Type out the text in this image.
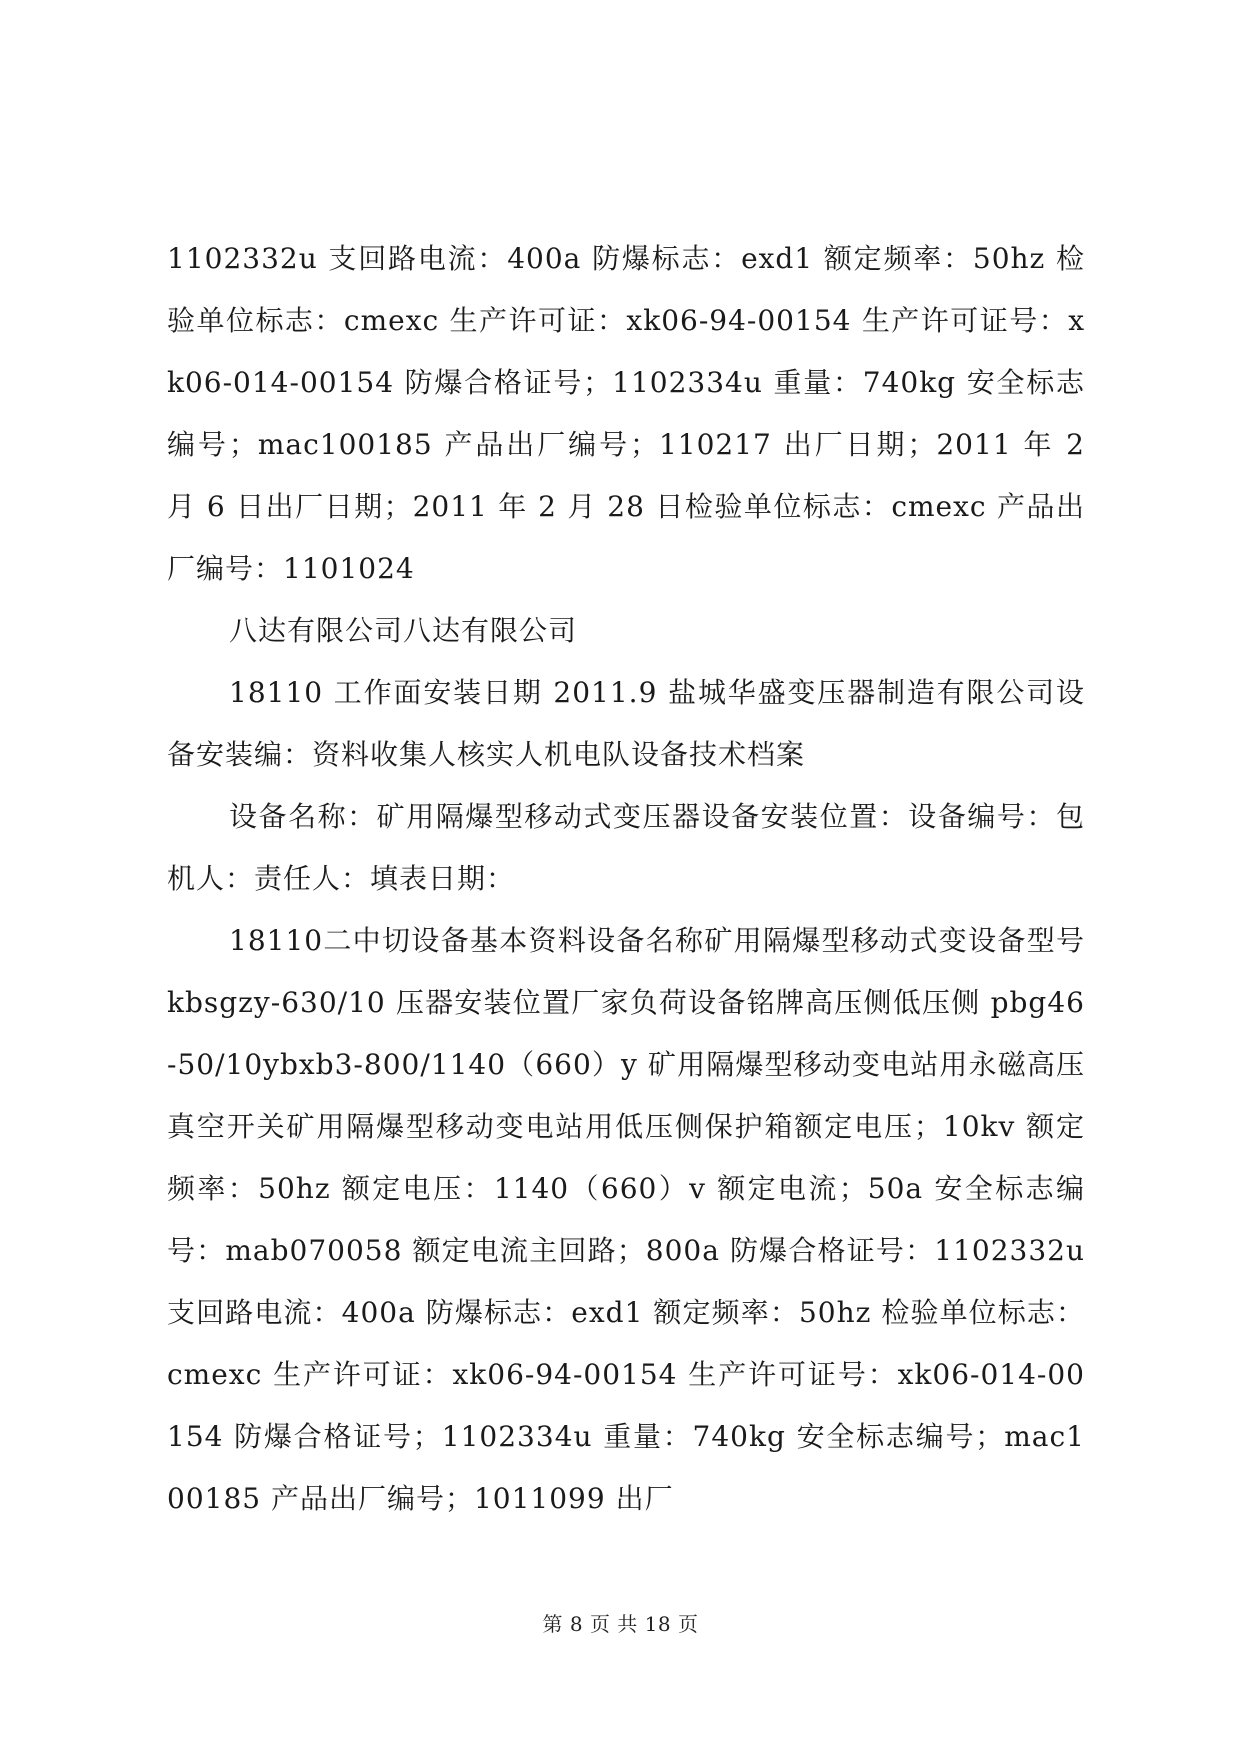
1102332u 支回路电流：400a 防爆标志：exd1 额定频率：50hz 检验单位标志：cmexc 生产许可证：xk06-94-00154 生产许可证号：xk06-014-00154 防爆合格证号；1102334u 重量：740kg 安全标志编号；mac100185 产品出厂编号；110217 出厂日期；2011 年 2 月 6 日出厂日期；2011 年 2 月 28 日检验单位标志：cmexc 产品出厂编号：1101024

八达有限公司八达有限公司

18110 工作面安装日期 2011.9 盐城华盛变压器制造有限公司设备安装编：资料收集人核实人机电队设备技术档案

设备名称：矿用隔爆型移动式变压器设备安装位置：设备编号：包机人：责任人：填表日期：

18110二中切设备基本资料设备名称矿用隔爆型移动式变设备型号 kbsgzy-630/10 压器安装位置厂家负荷设备铭牌高压侧低压侧 pbg46-50/10ybxb3-800/1140（660）y 矿用隔爆型移动变电站用永磁高压真空开关矿用隔爆型移动变电站用低压侧保护箱额定电压；10kv 额定频率：50hz 额定电压：1140（660）v 额定电流；50a 安全标志编号：mab070058 额定电流主回路；800a 防爆合格证号：1102332u 支回路电流：400a 防爆标志：exd1 额定频率：50hz 检验单位标志：cmexc 生产许可证：xk06-94-00154 生产许可证号：xk06-014-00154 防爆合格证号；1102334u 重量：740kg 安全标志编号；mac100185 产品出厂编号；1011099 出厂

第 8 页 共 18 页
